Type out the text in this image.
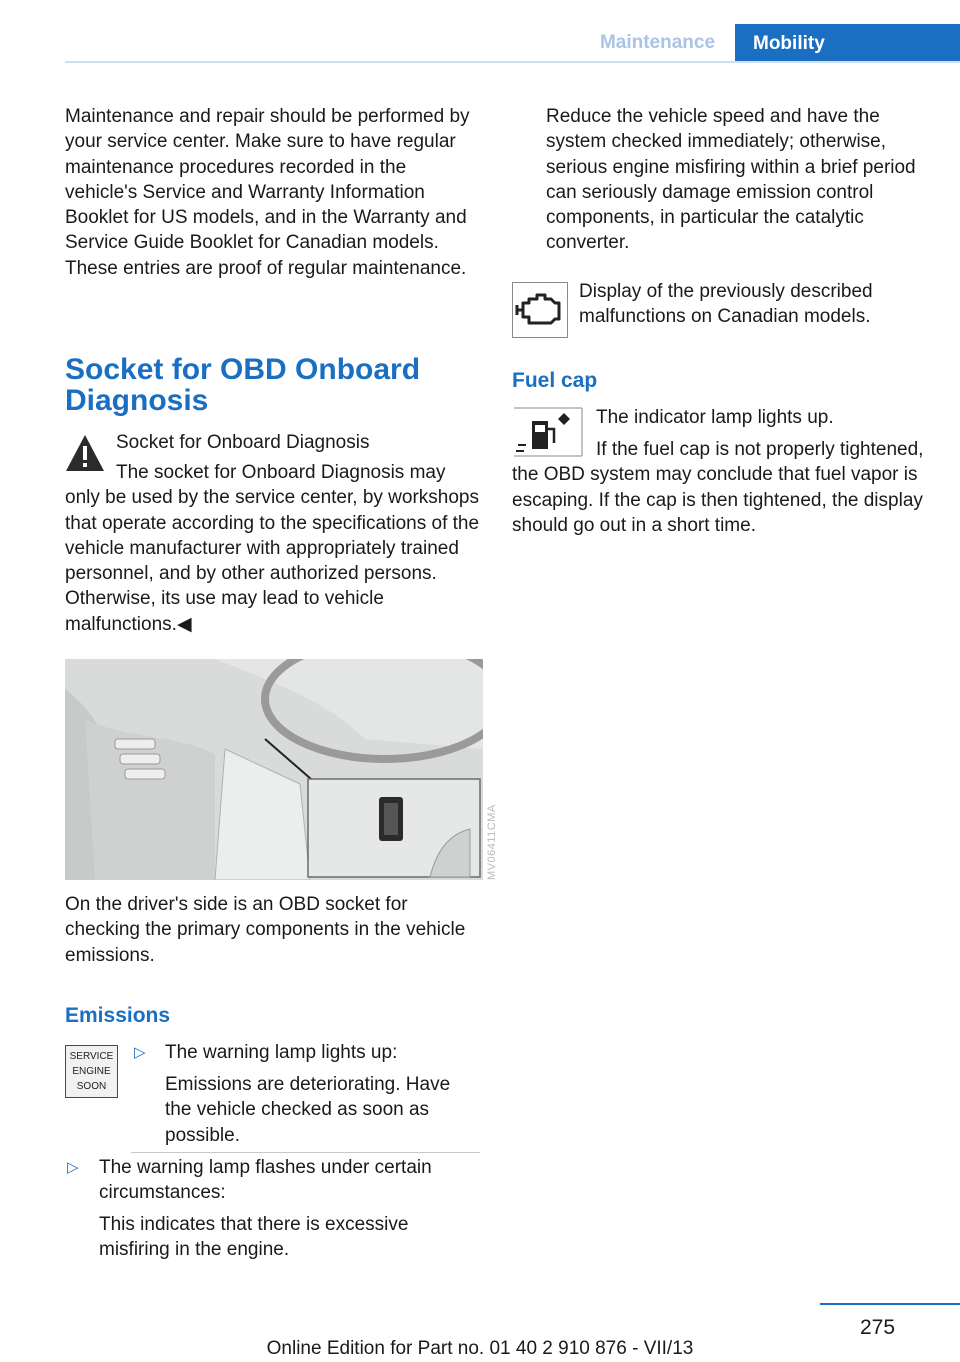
Maintenance	Mobility

Maintenance and repair should be performed by your service center. Make sure to have regular maintenance procedures recorded in the vehicle's Service and Warranty Information Booklet for US models, and in the Warranty and Service Guide Booklet for Canadian models. These entries are proof of regular maintenance.

Socket for OBD Onboard

Diagnosis

Socket for Onboard Diagnosis

The socket for Onboard Diagnosis may only be used by the service center, by workshops that operate according to the specifications of the vehicle manufacturer with appropriately trained personnel, and by other authorized persons. Otherwise, its use may lead to vehicle malfunctions.◀

MV06411CMA

On the driver's side is an OBD socket for checking the primary components in the vehicle emissions.

Emissions

SERVICE
ENGINE
SOON
▷ The warning lamp lights up:

Emissions are deteriorating. Have the vehicle checked as soon as possible.

▷ The warning lamp flashes under certain circumstances:

This indicates that there is excessive misfiring in the engine.

Reduce the vehicle speed and have the system checked immediately; otherwise, serious engine misfiring within a brief period can seriously damage emission control components, in particular the catalytic converter.

Display of the previously described malfunctions on Canadian models.

Fuel cap

The indicator lamp lights up.

If the fuel cap is not properly tightened, the OBD system may conclude that fuel vapor is escaping. If the cap is then tightened, the display should go out in a short time.

275
Online Edition for Part no. 01 40 2 910 876 - VII/13
